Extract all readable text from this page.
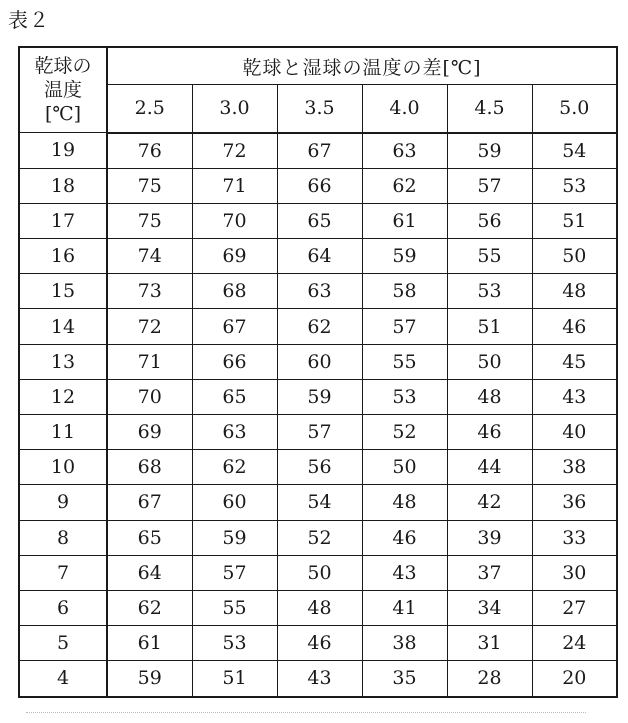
表２
乾球の
温度
[℃]	乾球と湿球の温度の差[℃]					
	2.5	3.0	3.5	4.0	4.5	5.0
19	76	72	67	63	59	54
18	75	71	66	62	57	53
17	75	70	65	61	56	51
16	74	69	64	59	55	50
15	73	68	63	58	53	48
14	72	67	62	57	51	46
13	71	66	60	55	50	45
12	70	65	59	53	48	43
11	69	63	57	52	46	40
10	68	62	56	50	44	38
9	67	60	54	48	42	36
8	65	59	52	46	39	33
7	64	57	50	43	37	30
6	62	55	48	41	34	27
5	61	53	46	38	31	24
4	59	51	43	35	28	20
